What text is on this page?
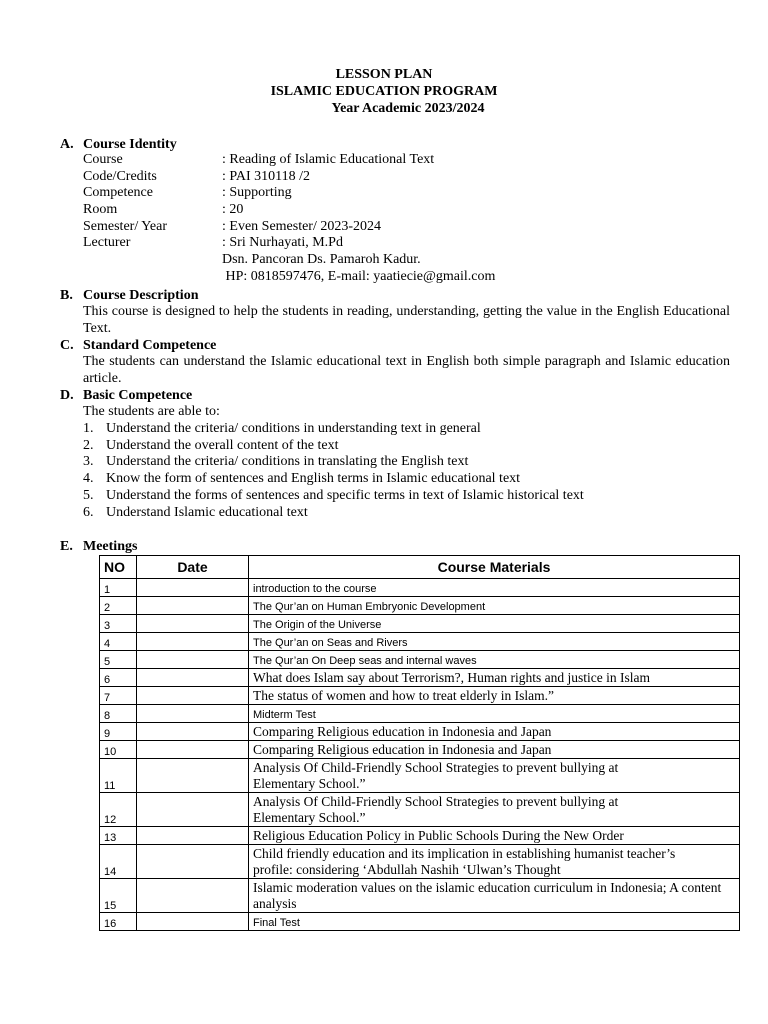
LESSON PLAN
ISLAMIC EDUCATION PROGRAM
Year Academic 2023/2024
A. Course Identity
Course	: Reading of Islamic Educational Text
Code/Credits	: PAI 310118 /2
Competence	: Supporting
Room	: 20
Semester/ Year	: Even Semester/ 2023-2024
Lecturer	: Sri Nurhayati, M.Pd
Dsn. Pancoran Ds. Pamaroh Kadur.
HP: 0818597476, E-mail: yaatiecie@gmail.com
B. Course Description
This course is designed to help the students in reading, understanding, getting the value in the English Educational Text.
C. Standard Competence
The students can understand the Islamic educational text in English both simple paragraph and Islamic education article.
D. Basic Competence
The students are able to:
1. Understand the criteria/ conditions in understanding text in general
2. Understand the overall content of the text
3. Understand the criteria/ conditions in translating the English text
4. Know the form of sentences and English terms in Islamic educational text
5. Understand the forms of sentences and specific terms in text of Islamic historical text
6. Understand Islamic educational text
E. Meetings
NO	Date	Course Materials
1		introduction to the course
2		The Qur’an on Human Embryonic Development
3		The Origin of the Universe
4		The Qur’an on Seas and Rivers
5		The Qur’an On Deep seas and internal waves
6		What does Islam say about Terrorism?, Human rights and justice in Islam
7		The status of women and how to treat elderly in Islam.”
8		Midterm Test
9		Comparing Religious education in Indonesia and Japan
10		Comparing Religious education in Indonesia and Japan
11		Analysis Of Child-Friendly School Strategies to prevent bullying at Elementary School.”
12		Analysis Of Child-Friendly School Strategies to prevent bullying at Elementary School.”
13		Religious Education Policy in Public Schools During the New Order
14		Child friendly education and its implication in establishing humanist teacher’s profile: considering ‘Abdullah Nashih ‘Ulwan’s Thought
15		Islamic moderation values on the islamic education curriculum in Indonesia; A content analysis
16		Final Test
